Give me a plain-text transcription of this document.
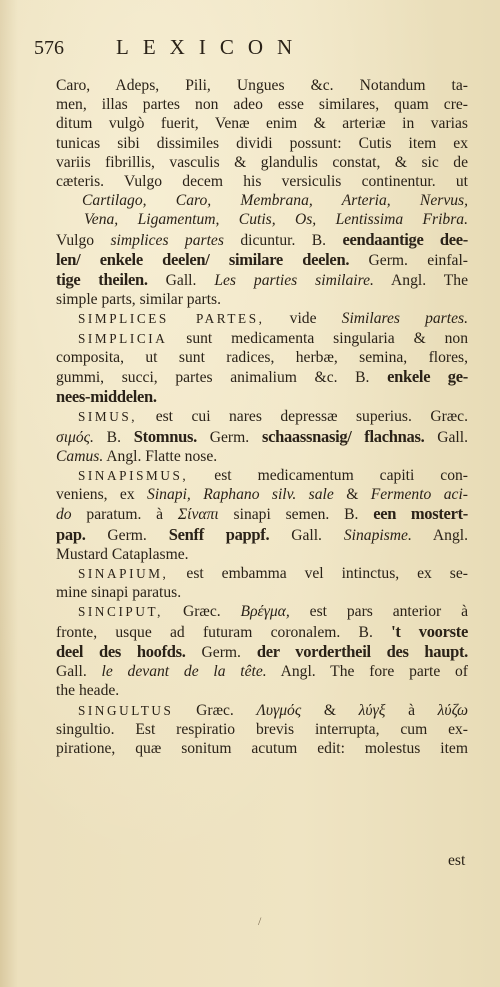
576	LEXICON
Caro, Adeps, Pili, Ungues &c. Notandum ta-
men, illas partes non adeo esse similares, quam cre-
ditum vulgò fuerit, Venæ enim & arteriæ in varias
tunicas sibi dissimiles dividi possunt: Cutis item ex
variis fibrillis, vasculis & glandulis constat, & sic de
cæteris. Vulgo decem his versiculis continentur. ut
Cartilago, Caro, Membrana, Arteria, Nervus,
Vena, Ligamentum, Cutis, Os, Lentissima Fribra.
Vulgo simplices partes dicuntur. B. eendaantige dee-
len/ enkele deelen/ similare deelen. Germ. einfal-
tige theilen. Gall. Les parties similaire. Angl. The
simple parts, similar parts.
SIMPLICES PARTES, vide Similares partes.
SIMPLICIA sunt medicamenta singularia & non
composita, ut sunt radices, herbæ, semina, flores,
gummi, succi, partes animalium &c. B. enkele ge-
nees-middelen.
SIMUS, est cui nares depressæ superius. Græc.
σιμός. B. Stomnus. Germ. schaassnasig/ flachnas. Gall.
Camus. Angl. Flatte nose.
SINAPISMUS, est medicamentum capiti con-
veniens, ex Sinapi, Raphano silv. sale & Fermento aci-
do paratum. à Σίναπι sinapi semen. B. een mostert-
pap. Germ. Senff pappf. Gall. Sinapisme. Angl.
Mustard Cataplasme.
SINAPIUM, est embamma vel intinctus, ex se-
mine sinapi paratus.
SINCIPUT, Græc. Βρέγμα, est pars anterior à
fronte, usque ad futuram coronalem. B. 't voorste
deel des hoofds. Germ. der vordertheil des haupt.
Gall. le devant de la tête. Angl. The fore parte of
the heade.
SINGULTUS Græc. Λυγμός & λύγξ à λύζω
singultio. Est respiratio brevis interrupta, cum ex-
piratione, quæ sonitum acutum edit: molestus item
est
/
